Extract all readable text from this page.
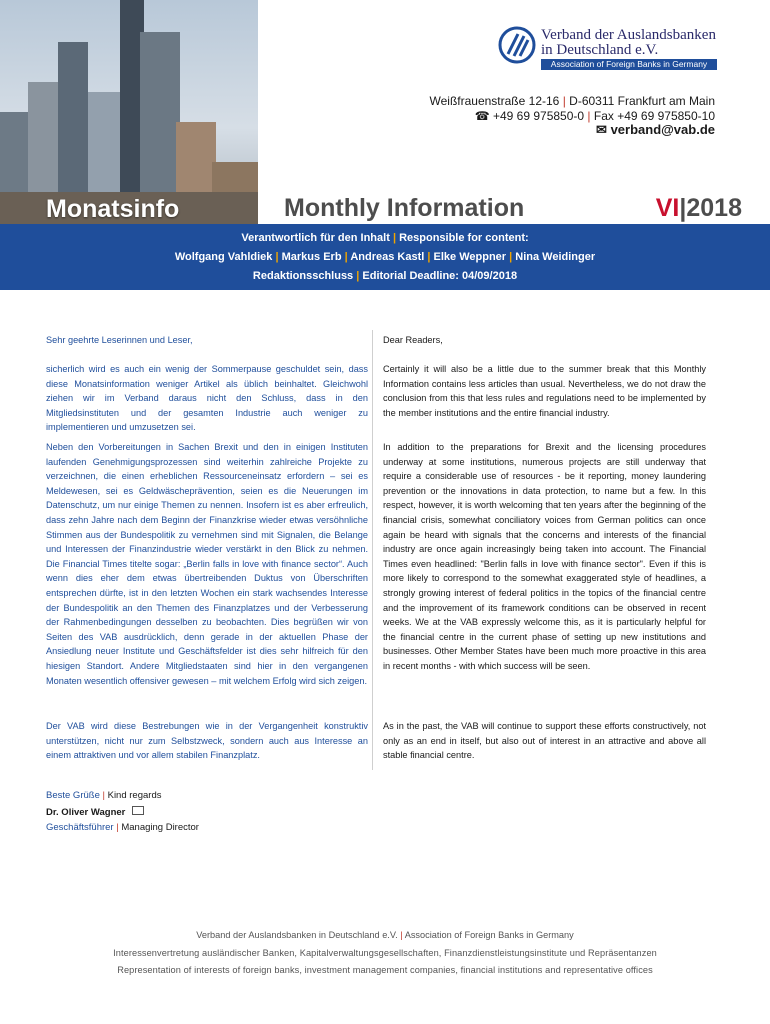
Monatsinfo
Verband der Auslandsbanken
in Deutschland e.V.
Association of Foreign Banks in Germany
Weißfrauenstraße 12-16 | D-60311 Frankfurt am Main
☎ +49 69 975850-0 | Fax +49 69 975850-10
✉ verband@vab.de
Monthly Information	VI|2018
Verantwortlich für den Inhalt | Responsible for content:
Wolfgang Vahldiek | Markus Erb | Andreas Kastl | Elke Weppner | Nina Weidinger
Redaktionsschluss | Editorial Deadline: 04/09/2018
Sehr geehrte Leserinnen und Leser,
sicherlich wird es auch ein wenig der Sommerpause geschuldet sein, dass diese Monatsinformation weniger Artikel als üblich beinhaltet. Gleichwohl ziehen wir im Verband daraus nicht den Schluss, dass in den Mitgliedsinstituten und der gesamten Industrie auch weniger zu implementieren und umzusetzen sei.
Neben den Vorbereitungen in Sachen Brexit und den in einigen Instituten laufenden Genehmigungsprozessen sind weiterhin zahlreiche Projekte zu verzeichnen, die einen erheblichen Ressourceneinsatz erfordern – sei es Meldewesen, sei es Geldwäscheprävention, seien es die Neuerungen im Datenschutz, um nur einige Themen zu nennen. Insofern ist es aber erfreulich, dass zehn Jahre nach dem Beginn der Finanzkrise wieder etwas versöhnliche Stimmen aus der Bundespolitik zu vernehmen sind mit Signalen, die Belange und Interessen der Finanzindustrie wieder verstärkt in den Blick zu nehmen. Die Financial Times titelte sogar: „Berlin falls in love with finance sector“. Auch wenn dies eher dem etwas übertreibenden Duktus von Überschriften entsprechen dürfte, ist in den letzten Wochen ein stark wachsendes Interesse der Bundespolitik an den Themen des Finanzplatzes und der Verbesserung der Rahmenbedingungen desselben zu beobachten. Dies begrüßen wir von Seiten des VAB ausdrücklich, denn gerade in der aktuellen Phase der Ansiedlung neuer Institute und Geschäftsfelder ist dies sehr hilfreich für den hiesigen Standort. Andere Mitgliedstaaten sind hier in den vergangenen Monaten wesentlich offensiver gewesen – mit welchem Erfolg wird sich zeigen.
Der VAB wird diese Bestrebungen wie in der Vergangenheit konstruktiv unterstützen, nicht nur zum Selbstzweck, sondern auch aus Interesse an einem attraktiven und vor allem stabilen Finanzplatz.
Dear Readers,
Certainly it will also be a little due to the summer break that this Monthly Information contains less articles than usual. Nevertheless, we do not draw the conclusion from this that less rules and regulations need to be implemented by the member institutions and the entire financial industry.
In addition to the preparations for Brexit and the licensing procedures underway at some institutions, numerous projects are still underway that require a considerable use of resources - be it reporting, money laundering prevention or the innovations in data protection, to name but a few. In this respect, however, it is worth welcoming that ten years after the beginning of the financial crisis, somewhat conciliatory voices from German politics can once again be heard with signals that the concerns and interests of the financial industry are once again increasingly being taken into account. The Financial Times even headlined: "Berlin falls in love with finance sector". Even if this is more likely to correspond to the somewhat exaggerated style of headlines, a strongly growing interest of federal politics in the topics of the financial centre and the improvement of its framework conditions can be observed in recent weeks. We at the VAB expressly welcome this, as it is particularly helpful for the financial centre in the current phase of setting up new institutions and businesses. Other Member States have been much more proactive in this area in recent months - with which success will be seen.
As in the past, the VAB will continue to support these efforts constructively, not only as an end in itself, but also out of interest in an attractive and above all stable financial centre.
Beste Grüße | Kind regards
Dr. Oliver Wagner
Geschäftsführer | Managing Director
Verband der Auslandsbanken in Deutschland e.V. | Association of Foreign Banks in Germany
Interessenvertretung ausländischer Banken, Kapitalverwaltungsgesellschaften, Finanzdienstleistungsinstitute und Repräsentanzen
Representation of interests of foreign banks, investment management companies, financial institutions and representative offices
